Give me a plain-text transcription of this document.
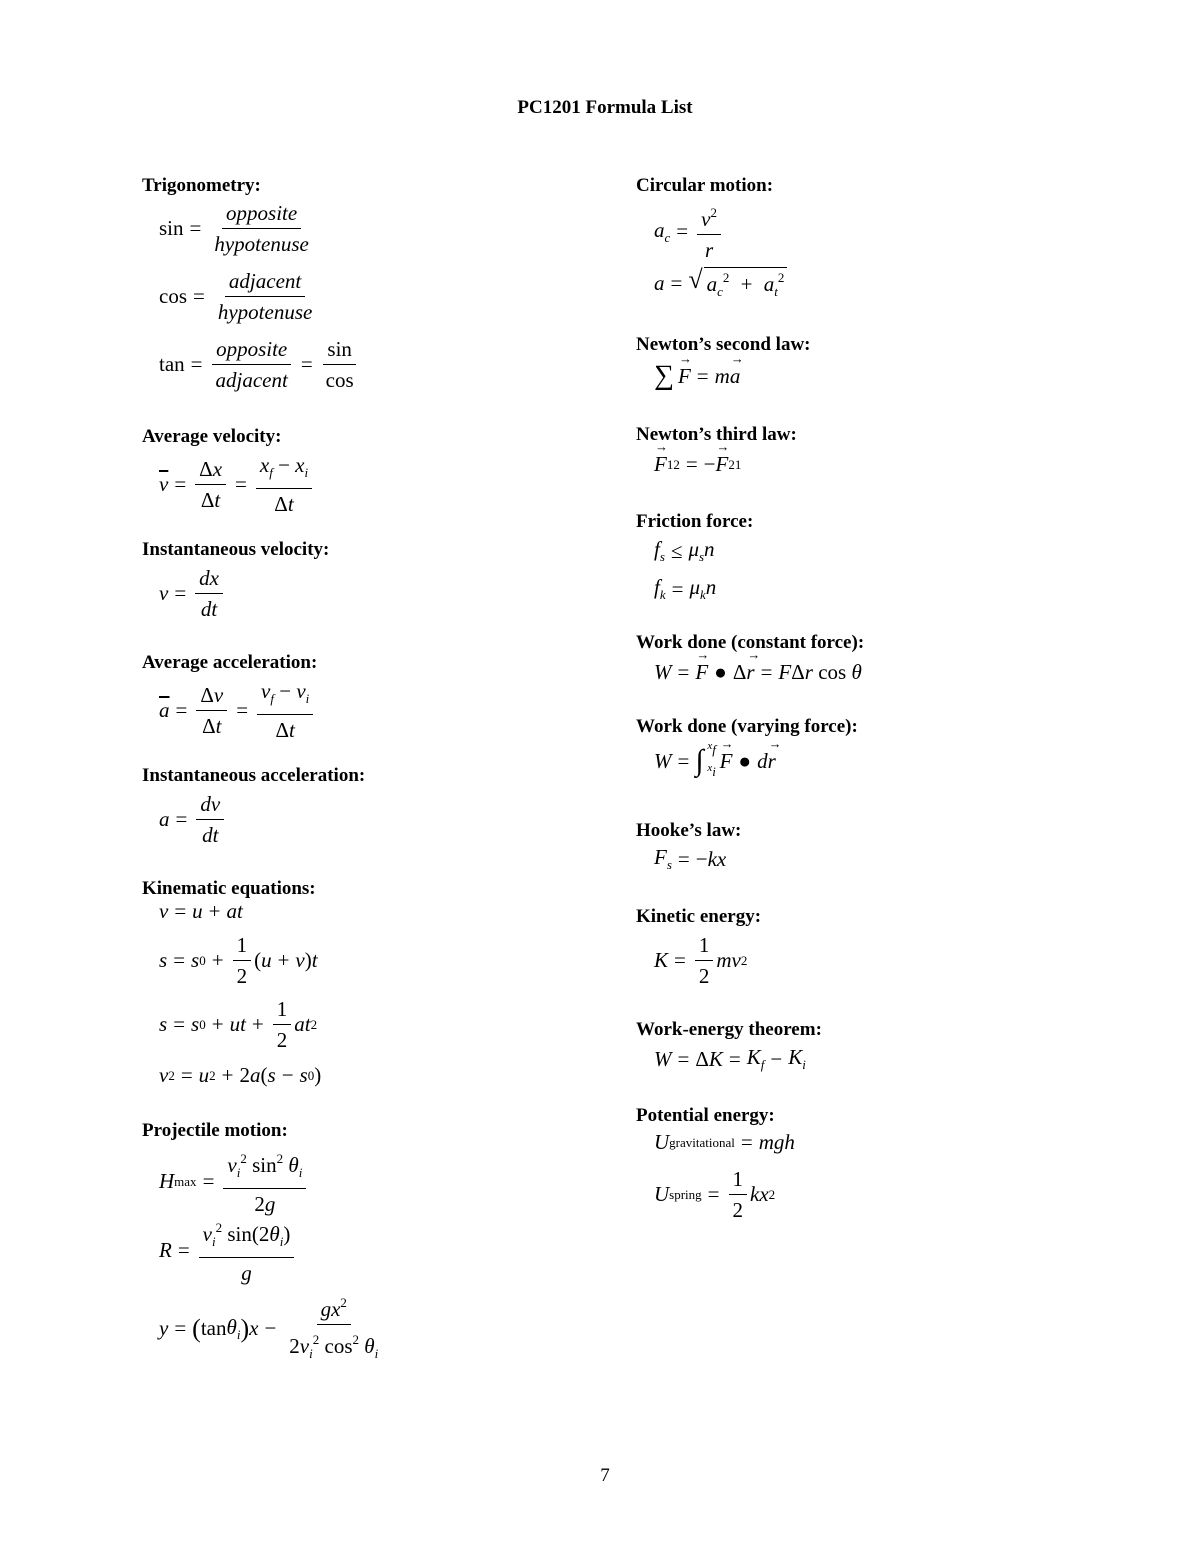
PC1201 Formula List
Trigonometry:
$\sin = \frac{\text{opposite}}{\text{hypotenuse}}$
$\cos = \frac{\text{adjacent}}{\text{hypotenuse}}$
$\tan = \frac{\text{opposite}}{\text{adjacent}} = \frac{\sin}{\cos}$
Average velocity:
$\overline{v} = \frac{\Delta x}{\Delta t} = \frac{x_f - x_i}{\Delta t}$
Instantaneous velocity:
$v = \frac{dx}{dt}$
Average acceleration:
$\overline{a} = \frac{\Delta v}{\Delta t} = \frac{v_f - v_i}{\Delta t}$
Instantaneous acceleration:
$a = \frac{dv}{dt}$
Kinematic equations:
v = u + at
s = s $0 + \frac{1}{2}$ ( u + v ) t
s = s 0 + ut + $\frac{1}{2}$ at 2
v 2 = u 2 + 2 a ( s − s 0 )
Projectile motion:
H $\max = \frac{v_i^2 \sin^2 \theta_i}{2g}$
$R = \frac{v_i^2 \sin(2\theta_i)}{g}$
y = ( $\tan \theta_i$ ) $x - \frac{gx^2}{2v_i^2 \cos^2 \theta_i}$
Circular motion:
$a_c = \frac{v^2}{r}$
a = √ $a_c^2 + a_t^2$
Newton’s second law:
∑ → F = m → a
Newton’s third law:
→ F 12 = − → F 21
Friction force:
$f_s \le \mu_sn$
$f_k = \mu_kn$
Work done (constant force):
W = → F ● Δ → r = F Δ r
cos
θ
Work done (varying force):
W = ∫ $x_f$
$x_i \to F$ ● d → r
Hooke’s law:
$F_s$ = − kx
Kinetic energy:
$K = \frac{1}{2}$ mv 2
Work-energy theorem:
W = Δ $K = K_f - K_i$
Potential energy:
U gravitational = mgh
U spring = $\frac{1}{2}$ kx 2
7
